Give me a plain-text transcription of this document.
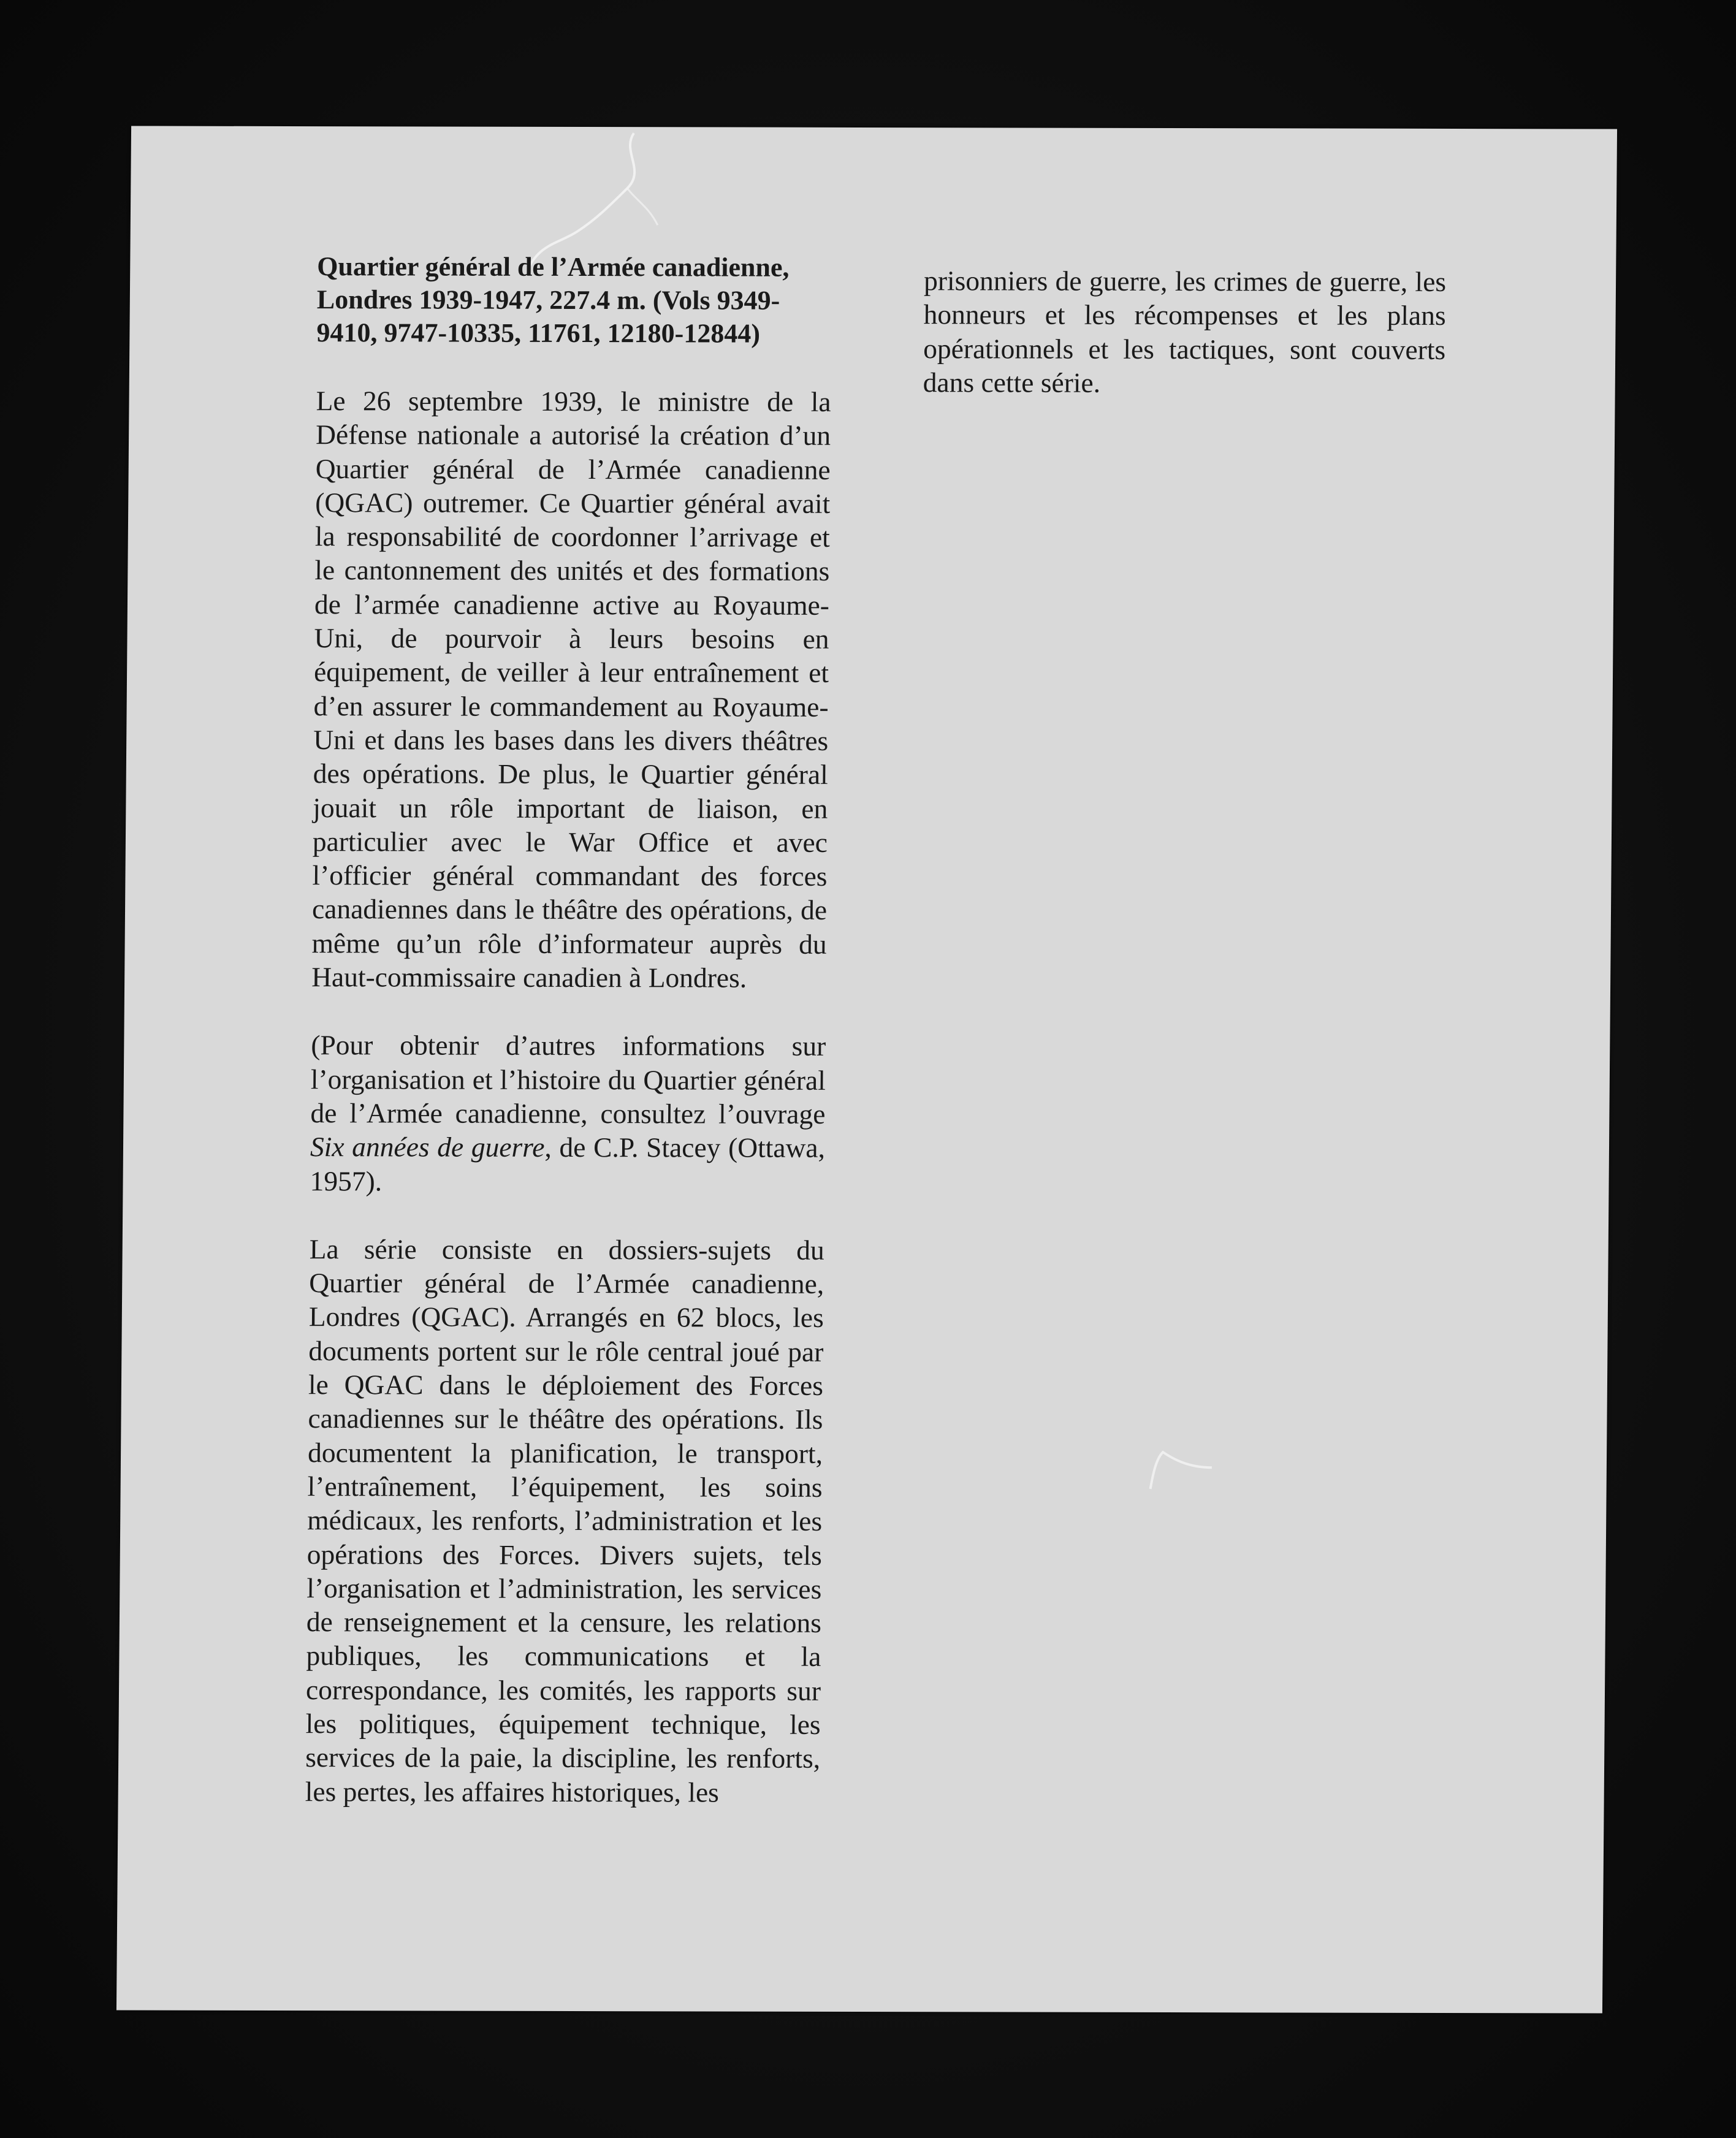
Quartier général de l’Armée canadienne, Londres 1939-1947, 227.4 m. (Vols 9349-9410, 9747-10335, 11761, 12180-12844)

Le 26 septembre 1939, le ministre de la Défense nationale a autorisé la création d’un Quartier général de l’Armée canadienne (QGAC) outremer. Ce Quartier général avait la responsabilité de coordonner l’arrivage et le cantonnement des unités et des formations de l’armée canadienne active au Royaume-Uni, de pourvoir à leurs besoins en équipement, de veiller à leur entraînement et d’en assurer le commandement au Royaume-Uni et dans les bases dans les divers théâtres des opérations. De plus, le Quartier général jouait un rôle important de liaison, en particulier avec le War Office et avec l’officier général commandant des forces canadiennes dans le théâtre des opérations, de même qu’un rôle d’informateur auprès du Haut-commissaire canadien à Londres.

(Pour obtenir d’autres informations sur l’organisation et l’histoire du Quartier général de l’Armée canadienne, consultez l’ouvrage Six années de guerre, de C.P. Stacey (Ottawa, 1957).

La série consiste en dossiers-sujets du Quartier général de l’Armée canadienne, Londres (QGAC). Arrangés en 62 blocs, les documents portent sur le rôle central joué par le QGAC dans le déploiement des Forces canadiennes sur le théâtre des opérations. Ils documentent la planification, le transport, l’entraînement, l’équipement, les soins médicaux, les renforts, l’administration et les opérations des Forces. Divers sujets, tels l’organisation et l’administration, les services de renseignement et la censure, les relations publiques, les communications et la correspondance, les comités, les rapports sur les politiques, équipement technique, les services de la paie, la discipline, les renforts, les pertes, les affaires historiques, les

prisonniers de guerre, les crimes de guerre, les honneurs et les récompenses et les plans opérationnels et les tactiques, sont couverts dans cette série.
